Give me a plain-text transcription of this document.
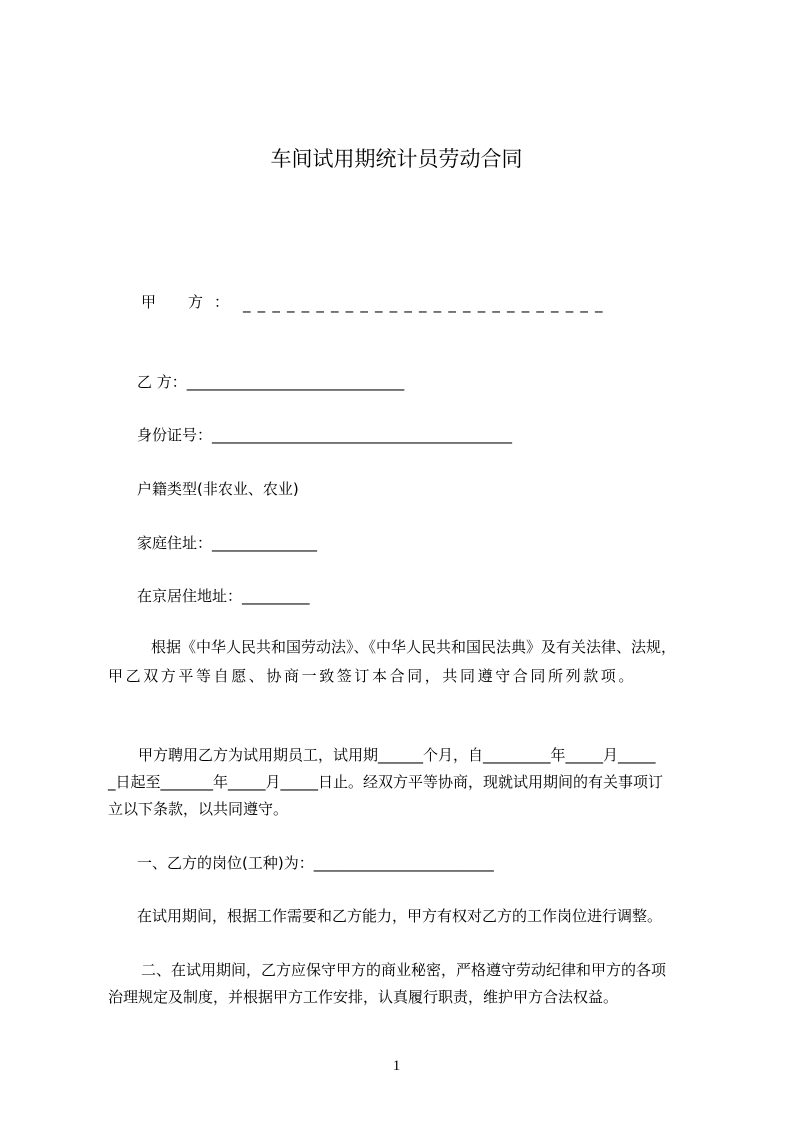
车间试用期统计员劳动合同
甲 方 ： _ _ _ _ _ _ _ _ _ _ _ _ _ _ _ _ _ _ _ _ _ _ _ _ _
乙 方：_____________________________
身份证号：________________________________________
户籍类型(非农业、农业)
家庭住址：______________
在京居住地址：_________
根据《中华人民共和国劳动法》、《中华人民共和国民法典》及有关法律、法规，
甲乙双方平等自愿、协商一致签订本合同，共同遵守合同所列款项。
甲方聘用乙方为试用期员工，试用期______个月，自_________年_____月_____
_日起至_______年_____月_____日止。经双方平等协商，现就试用期间的有关事项订
立以下条款，以共同遵守。
一、乙方的岗位(工种)为：________________________
在试用期间，根据工作需要和乙方能力，甲方有权对乙方的工作岗位进行调整。
二、在试用期间，乙方应保守甲方的商业秘密，严格遵守劳动纪律和甲方的各项
治理规定及制度，并根据甲方工作安排，认真履行职责，维护甲方合法权益。
1
